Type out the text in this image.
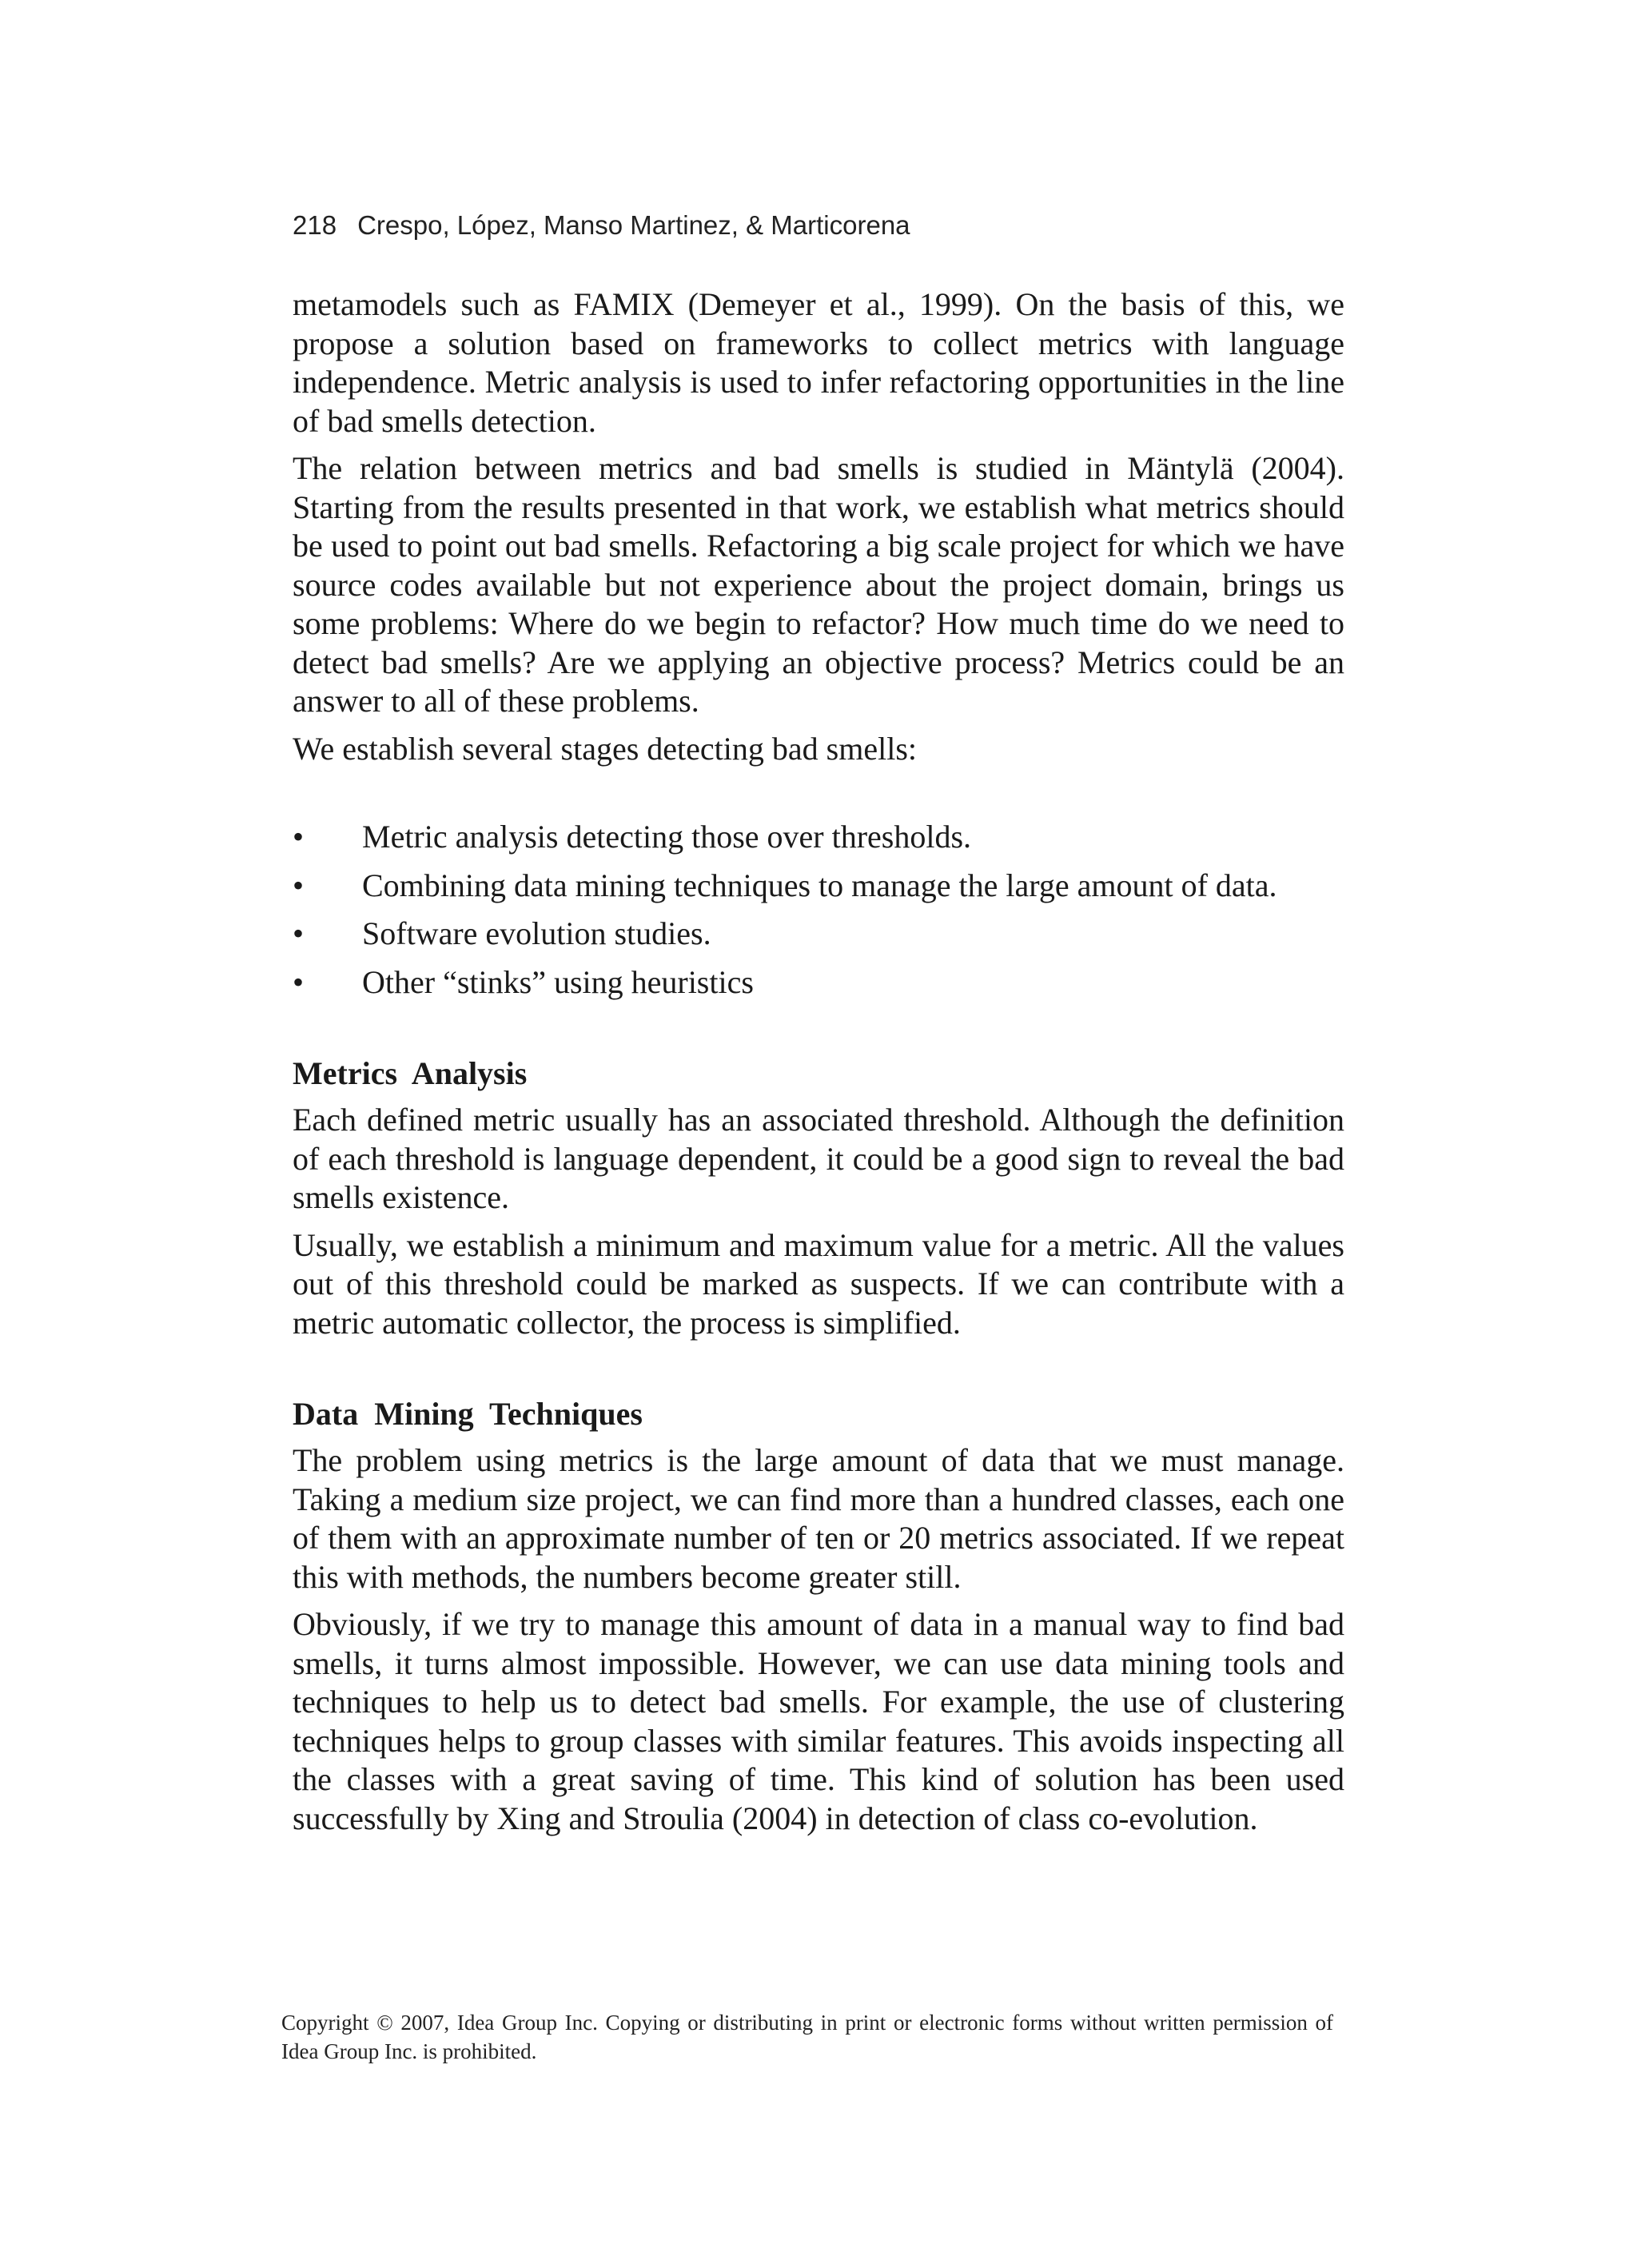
218 Crespo, López, Manso Martinez, & Marticorena

metamodels such as FAMIX (Demeyer et al., 1999). On the basis of this, we propose a solution based on frameworks to collect metrics with language independence. Metric analysis is used to infer refactoring opportunities in the line of bad smells detection.

The relation between metrics and bad smells is studied in Mäntylä (2004). Starting from the results presented in that work, we establish what metrics should be used to point out bad smells. Refactoring a big scale project for which we have source codes available but not experience about the project domain, brings us some problems: Where do we begin to refactor? How much time do we need to detect bad smells? Are we applying an objective process? Metrics could be an answer to all of these problems.

We establish several stages detecting bad smells:

• Metric analysis detecting those over thresholds.
• Combining data mining techniques to manage the large amount of data.
• Software evolution studies.
• Other “stinks” using heuristics
Metrics Analysis

Each defined metric usually has an associated threshold. Although the definition of each threshold is language dependent, it could be a good sign to reveal the bad smells existence.

Usually, we establish a minimum and maximum value for a metric. All the values out of this threshold could be marked as suspects. If we can contribute with a metric automatic collector, the process is simplified.

Data Mining Techniques

The problem using metrics is the large amount of data that we must manage. Taking a medium size project, we can find more than a hundred classes, each one of them with an approximate number of ten or 20 metrics associated. If we repeat this with methods, the numbers become greater still.

Obviously, if we try to manage this amount of data in a manual way to find bad smells, it turns almost impossible. However, we can use data mining tools and techniques to help us to detect bad smells. For example, the use of clustering techniques helps to group classes with similar features. This avoids inspecting all the classes with a great saving of time. This kind of solution has been used successfully by Xing and Stroulia (2004) in detection of class co-evolution.

Copyright © 2007, Idea Group Inc. Copying or distributing in print or electronic forms without written permission of Idea Group Inc. is prohibited.
